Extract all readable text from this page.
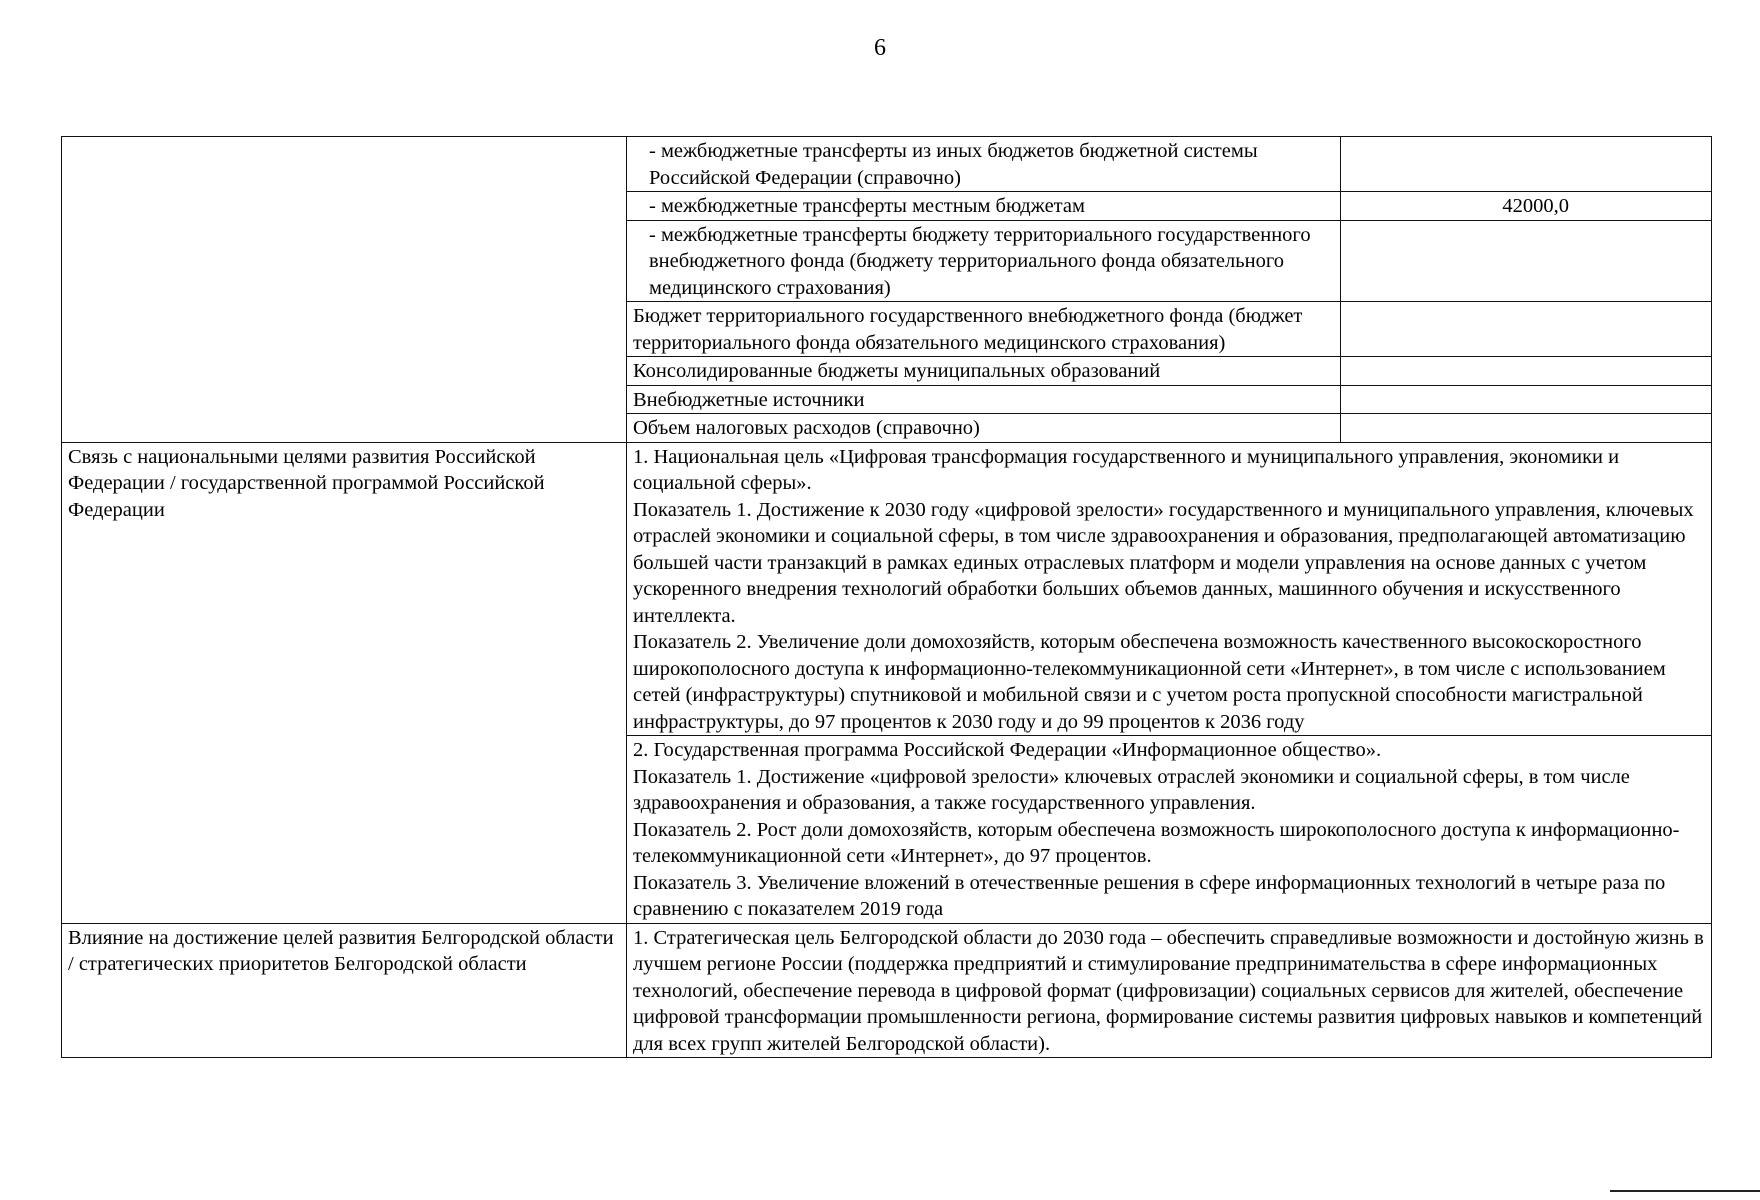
6
	- межбюджетные трансферты из иных бюджетов бюджетной системы Российской Федерации (справочно)	
	- межбюджетные трансферты местным бюджетам	42000,0
	- межбюджетные трансферты бюджету территориального государственного внебюджетного фонда (бюджету территориального фонда обязательного медицинского страхования)	
	Бюджет территориального государственного внебюджетного фонда (бюджет территориального фонда обязательного медицинского страхования)	
	Консолидированные бюджеты муниципальных образований	
	Внебюджетные источники	
	Объем налоговых расходов (справочно)	
Связь с национальными целями развития Российской Федерации / государственной программой Российской Федерации	1. Национальная цель «Цифровая трансформация государственного и муниципального управления, экономики и социальной сферы».
Показатель 1. Достижение к 2030 году «цифровой зрелости» государственного и муниципального управления, ключевых отраслей экономики и социальной сферы, в том числе здравоохранения и образования, предполагающей автоматизацию большей части транзакций в рамках единых отраслевых платформ и модели управления на основе данных с учетом ускоренного внедрения технологий обработки больших объемов данных, машинного обучения и искусственного интеллекта.
Показатель 2. Увеличение доли домохозяйств, которым обеспечена возможность качественного высокоскоростного широкополосного доступа к информационно-телекоммуникационной сети «Интернет», в том числе с использованием сетей (инфраструктуры) спутниковой и мобильной связи и с учетом роста пропускной способности магистральной инфраструктуры, до 97 процентов к 2030 году и до 99 процентов к 2036 году	

	2. Государственная программа Российской Федерации «Информационное общество».
Показатель 1. Достижение «цифровой зрелости» ключевых отраслей экономики и социальной сферы, в том числе здравоохранения и образования, а также государственного управления.
Показатель 2. Рост доли домохозяйств, которым обеспечена возможность широкополосного доступа к информационно-телекоммуникационной сети «Интернет», до 97 процентов.
Показатель 3. Увеличение вложений в отечественные решения в сфере информационных технологий в четыре раза по сравнению с показателем 2019 года	

Влияние на достижение целей развития Белгородской области / стратегических приоритетов Белгородской области	1. Стратегическая цель Белгородской области до 2030 года – обеспечить справедливые возможности и достойную жизнь в лучшем регионе России (поддержка предприятий и стимулирование предпринимательства в сфере информационных технологий, обеспечение перевода в цифровой формат (цифровизации) социальных сервисов для жителей, обеспечение цифровой трансформации промышленности региона, формирование системы развития цифровых навыков и компетенций для всех групп жителей Белгородской области).	
